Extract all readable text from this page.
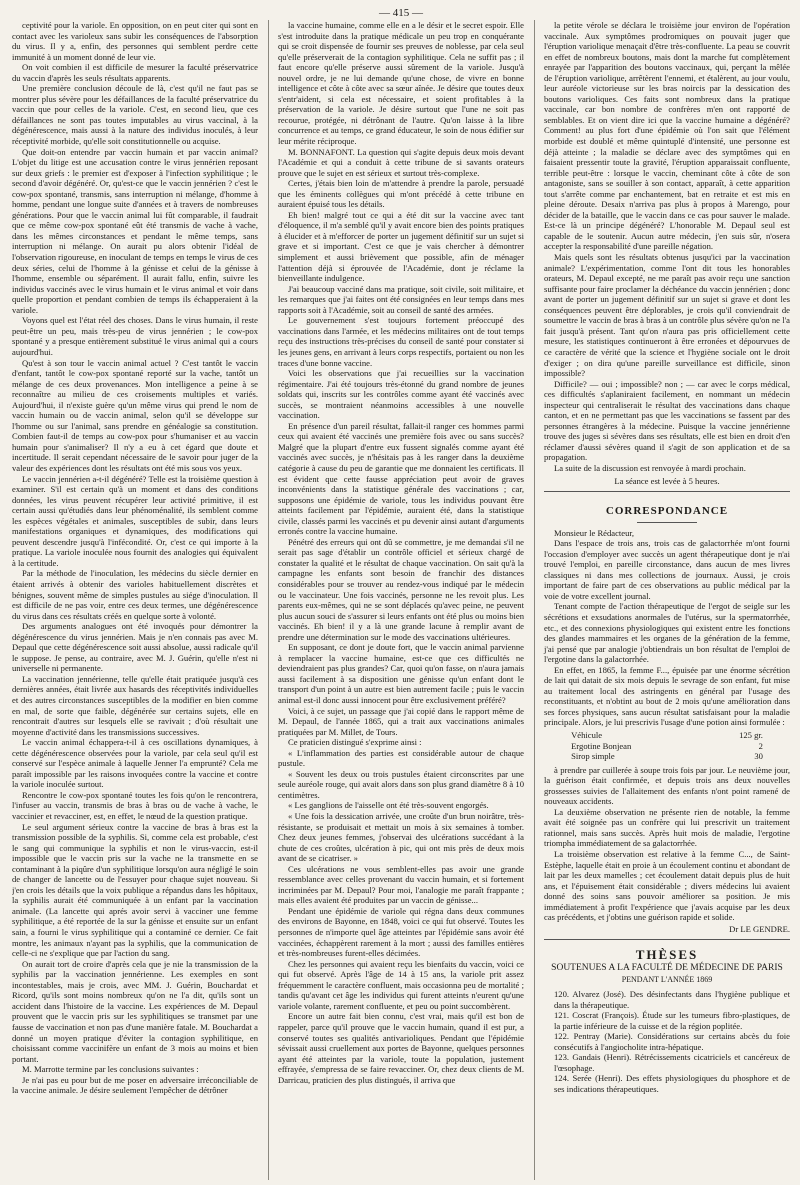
— 415 —

ceptivité pour la variole. En opposition, on en peut citer qui sont en contact avec les varioleux sans subir les conséquences de l'absorption du virus. Il y a, enfin, des personnes qui semblent perdre cette immunité à un moment donné de leur vie.

On voit combien il est difficile de mesurer la faculté préservatrice du vaccin d'après les seuls résultats apparents.

Une première conclusion découle de là, c'est qu'il ne faut pas se montrer plus sévère pour les défaillances de la faculté préservatrice du vaccin que pour celles de la variole. C'est, en second lieu, que ces défaillances ne sont pas toutes imputables au virus vaccinal, à la dégénérescence, mais aussi à la nature des individus inoculés, à leur réceptivité morbide, qu'elle soit constitutionnelle ou acquise.

Que doit-on entendre par vaccin humain et par vaccin animal? L'objet du litige est une accusation contre le virus jennérien reposant sur deux griefs : le premier est d'exposer à l'infection syphilitique ; le second d'avoir dégénéré. Or, qu'est-ce que le vaccin jennérien ? c'est le cow-pox spontané, transmis, sans interruption ni mélange, d'homme à homme, pendant une longue suite d'années et à travers de nombreuses générations. Pour que le vaccin animal lui fût comparable, il faudrait que ce même cow-pox spontané eût été transmis de vache à vache, dans les mêmes circonstances et pendant le même temps, sans interruption ni mélange. On aurait pu alors obtenir l'idéal de l'observation rigoureuse, en inoculant de temps en temps le virus de ces deux séries, celui de l'homme à la génisse et celui de la génisse à l'homme, ensemble ou séparément. Il aurait fallu, enfin, suivre les individus vaccinés avec le virus humain et le virus animal et voir dans quelle proportion et pendant combien de temps ils échapperaient à la variole.

Voyons quel est l'état réel des choses. Dans le virus humain, il reste peut-être un peu, mais très-peu de virus jennérien ; le cow-pox spontané y a presque entièrement substitué le virus animal qui a cours aujourd'hui.

Qu'est à son tour le vaccin animal actuel ? C'est tantôt le vaccin d'enfant, tantôt le cow-pox spontané reporté sur la vache, tantôt un mélange de ces deux provenances. Mon intelligence a peine à se reconnaître au milieu de ces croisements multiples et variés. Aujourd'hui, il n'existe guère qu'un même virus qui prend le nom de vaccin humain ou de vaccin animal, selon qu'il se développe sur l'homme ou sur l'animal, sans prendre en généalogie sa constitution. Combien faut-il de temps au cow-pox pour s'humaniser et au vaccin humain pour s'animaliser? Il n'y a eu à cet égard que doute et incertitude. Il serait cependant nécessaire de le savoir pour juger de la valeur des expériences dont les résultats ont été mis sous vos yeux.

Le vaccin jennérien a-t-il dégénéré? Telle est la troisième question à examiner. S'il est certain qu'à un moment et dans des conditions données, les virus peuvent récupérer leur activité primitive, il est certain aussi qu'étudiés dans leur phénoménalité, ils semblent comme les espèces végétales et animales, susceptibles de subir, dans leurs manifestations organiques et dynamiques, des modifications qui peuvent descendre jusqu'à l'infécondité. Or, c'est ce qui importe à la pratique. La variole inoculée nous fournit des analogies qui équivalent à la certitude.

Par la méthode de l'inoculation, les médecins du siècle dernier en étaient arrivés à obtenir des varioles habituellement discrètes et bénignes, souvent même de simples pustules au siége d'inoculation. Il est difficile de ne pas voir, entre ces deux termes, une dégénérescence du virus dans ces résultats créés en quelque sorte à volonté.

Des arguments analogues ont été invoqués pour démontrer la dégénérescence du virus jennérien. Mais je n'en connais pas avec M. Depaul que cette dégénérescence soit aussi absolue, aussi radicale qu'il le suppose. Je pense, au contraire, avec M. J. Guérin, qu'elle n'est ni universelle ni permanente.

La vaccination jennérienne, telle qu'elle était pratiquée jusqu'à ces dernières années, était livrée aux hasards des réceptivités individuelles et des autres circonstances susceptibles de la modifier en bien comme en mal, de sorte que faible, dégénérée sur certains sujets, elle en rencontrait d'autres sur lesquels elle se ravivait ; d'où résultait une moyenne d'activité dans les transmissions successives.

Le vaccin animal échappera-t-il à ces oscillations dynamiques, à cette dégénérescence observées pour la variole, par cela seul qu'il est conservé sur l'espèce animale à laquelle Jenner l'a emprunté? Cela me paraît impossible par les raisons invoquées contre la vaccine et contre la variole inoculée surtout.

Rencontre le cow-pox spontané toutes les fois qu'on le rencontrera, l'infuser au vaccin, transmis de bras à bras ou de vache à vache, le vaccinier et revacciner, est, en effet, le nœud de la question pratique.

Le seul argument sérieux contre la vaccine de bras à bras est la transmission possible de la syphilis. Si, comme cela est probable, c'est le sang qui communique la syphilis et non le virus-vaccin, est-il impossible que le vaccin pris sur la vache ne la transmette en se contaminant à la piqûre d'un syphilitique lorsqu'on aura négligé le soin de changer de lancette ou de l'essuyer pour chaque sujet nouveau. Si j'en crois les détails que la voix publique a répandus dans les hôpitaux, la syphilis aurait été communiquée à un enfant par la vaccination animale. (La lancette qui aprés avoir servi à vacciner une femme syphilitique, a été reportée de la sur la génisse et ensuite sur un enfant sain, a fourni le virus syphilitique qui a contaminé ce dernier. Ce fait montre, les animaux n'ayant pas la syphilis, que la communication de celle-ci ne s'explique que par l'action du sang.

On aurait tort de croire d'après cela que je nie la transmission de la syphilis par la vaccination jennérienne. Les exemples en sont incontestables, mais je crois, avec MM. J. Guérin, Bouchardat et Ricord, qu'ils sont moins nombreux qu'on ne l'a dit, qu'ils sont un accident dans l'histoire de la vaccine. Les expériences de M. Depaul prouvent que le vaccin pris sur les syphilitiques se transmet par une fausse de vaccination et non pas d'une manière fatale. M. Bouchardat a donné un moyen pratique d'éviter la contagion syphilitique, en choisissant comme vaccinifère un enfant de 3 mois au moins et bien portant.

M. Marrotte termine par les conclusions suivantes :

Je n'ai pas eu pour but de me poser en adversaire irréconciliable de la vaccine animale. Je désire seulement l'empêcher de détrôner

la vaccine humaine, comme elle en a le désir et le secret espoir. Elle s'est introduite dans la pratique médicale un peu trop en conquérante qui se croit dispensée de fournir ses preuves de noblesse, par cela seul qu'elle préserverait de la contagion syphilitique. Cela ne suffit pas ; il faut encore qu'elle préserve aussi sûrement de la variole. Jusqu'à nouvel ordre, je ne lui demande qu'une chose, de vivre en bonne intelligence et côte à côte avec sa sœur aînée. Je désire que toutes deux s'entr'aident, si cela est nécessaire, et soient profitables à la préservation de la variole. Je désire surtout que l'une ne soit pas recourue, protégée, ni détrônant de l'autre. Qu'on laisse à la libre concurrence et au temps, ce grand éducateur, le soin de nous édifier sur leur mérite réciproque.

M. BONNAFONT. La question qui s'agite depuis deux mois devant l'Académie et qui a conduit à cette tribune de si savants orateurs prouve que le sujet en est sérieux et surtout très-complexe.

Certes, j'étais bien loin de m'attendre à prendre la parole, persuadé que les éminents collègues qui m'ont précédé à cette tribune en auraient épuisé tous les détails.

Eh bien! malgré tout ce qui a été dit sur la vaccine avec tant d'éloquence, il m'a semblé qu'il y avait encore bien des points pratiques à élucider et à m'efforcer de porter un jugement définitif sur un sujet si grave et si important. C'est ce que je vais chercher à démontrer simplement et aussi brièvement que possible, afin de ménager l'attention déjà si éprouvée de l'Académie, dont je réclame la bienveillante indulgence.

J'ai beaucoup vacciné dans ma pratique, soit civile, soit militaire, et les remarques que j'ai faites ont été consignées en leur temps dans mes rapports soit à l'Académie, soit au conseil de santé des armées.

Le gouvernement s'est toujours fortement préoccupé des vaccinations dans l'armée, et les médecins militaires ont de tout temps reçu des instructions très-précises du conseil de santé pour constater si les jeunes gens, en arrivant à leurs corps respectifs, portaient ou non les traces d'une bonne vaccine.

Voici les observations que j'ai recueillies sur la vaccination régimentaire. J'ai été toujours très-étonné du grand nombre de jeunes soldats qui, inscrits sur les contrôles comme ayant été vaccinés avec succès, se montraient néanmoins accessibles à une nouvelle vaccination.

En présence d'un pareil résultat, fallait-il ranger ces hommes parmi ceux qui avaient été vaccinés une première fois avec ou sans succès? Malgré que la plupart d'entre eux fussent signalés comme ayant été vaccinés avec succès, je n'hésitais pas à les ranger dans la deuxième catégorie à cause du peu de garantie que me donnaient les certificats. Il est évident que cette fausse appréciation peut avoir de graves inconvénients dans la statistique générale des vaccinations ; car, supposons une épidémie de variole, tous les individus pouvant être atteints facilement par l'épidémie, auraient été, dans la statistique civile, classés parmi les vaccinés et pu devenir ainsi autant d'arguments erronés contre la vaccine humaine.

Pénétré des erreurs qui ont dû se commettre, je me demandai s'il ne serait pas sage d'établir un contrôle officiel et sérieux chargé de constater la qualité et le résultat de chaque vaccination. On sait qu'à la campagne les enfants sont besoin de franchir des distances considérables pour se trouver au rendez-vous indiqué par le médecin ou le vaccinateur. Une fois vaccinés, personne ne les revoit plus. Les parents eux-mêmes, qui ne se sont déplacés qu'avec peine, ne peuvent plus aucun souci de s'assurer si leurs enfants ont été plus ou moins bien vaccinés. Eh bien! il y a là une grande lacune à remplir avant de prendre une détermination sur le mode des vaccinations ultérieures.

En supposant, ce dont je doute fort, que le vaccin animal parvienne à remplacer la vaccine humaine, est-ce que ces difficultés ne deviendraient pas plus grandes? Car, quoi qu'on fasse, on n'aura jamais aussi facilement à sa disposition une génisse qu'un enfant dont le transport d'un point à un autre est bien autrement facile ; puis le vaccin animal est-il donc aussi innocent pour être exclusivement préféré?

Voici, à ce sujet, un passage que j'ai copié dans le rapport même de M. Depaul, de l'année 1865, qui a trait aux vaccinations animales pratiquées par M. Millet, de Tours.

Ce praticien distingué s'exprime ainsi :

« L'inflammation des parties est considérable autour de chaque pustule.

« Souvent les deux ou trois pustules étaient circonscrites par une seule auréole rouge, qui avait alors dans son plus grand diamètre 8 à 10 centimètres.

« Les ganglions de l'aisselle ont été très-souvent engorgés.

« Une fois la dessication arrivée, une croûte d'un brun noirâtre, très-résistante, se produisait et mettait un mois à six semaines à tomber. Chez deux jeunes femmes, j'observai des ulcérations succédant à la chute de ces croûtes, ulcération à pic, qui ont mis près de deux mois avant de se cicatriser. »

Ces ulcérations ne vous semblent-elles pas avoir une grande ressemblance avec celles provenant du vaccin humain, et si fortement incriminées par M. Depaul? Pour moi, l'analogie me paraît frappante ; mais elles avaient été produites par un vaccin de génisse...

Pendant une épidémie de variole qui régna dans deux communes des environs de Bayonne, en 1848, voici ce qui fut observé. Toutes les personnes de n'importe quel âge atteintes par l'épidémie sans avoir été vaccinées, échappèrent rarement à la mort ; aussi des familles entières et très-nombreuses furent-elles décimées.

Chez les personnes qui avaient reçu les bienfaits du vaccin, voici ce qui fut observé. Après l'âge de 14 à 15 ans, la variole prit assez fréquemment le caractère confluent, mais occasionna peu de mortalité ; tandis qu'avant cet âge les individus qui furent atteints n'eurent qu'une variole volante, rarement confluente, et peu ou point succombèrent.

Encore un autre fait bien connu, c'est vrai, mais qu'il est bon de rappeler, parce qu'il prouve que le vaccin humain, quand il est pur, a conservé toutes ses qualités antivarioliques. Pendant que l'épidémie sévissait aussi cruellement aux portes de Bayonne, quelques personnes ayant été atteintes par la variole, toute la population, justement effrayée, s'empressa de se faire revacciner. Or, chez deux clients de M. Darricau, praticien des plus distingués, il arriva que

la petite vérole se déclara le troisième jour environ de l'opération vaccinale. Aux symptômes prodromiques on pouvait juger que l'éruption variolique menaçait d'être très-confluente. La peau se couvrit en effet de nombreux boutons, mais dont la marche fut complètement enrayée par l'apparition des boutons vaccinaux, qui, perçant la mêlée de l'éruption variolique, arrêtèrent l'ennemi, et étalèrent, au jour voulu, leur auréole victorieuse sur les bras noircis par la dessication des boutons varioliques. Ces faits sont nombreux dans la pratique vaccinale, car bon nombre de confrères m'en ont rapporté de semblables. Et on vient dire ici que la vaccine humaine a dégénéré? Comment! au plus fort d'une épidémie où l'on sait que l'élément morbide est doublé et même quintuplé d'intensité, une personne est déjà atteinte ; la maladie se déclare avec des symptômes qui en faisaient pressentir toute la gravité, l'éruption apparaissait confluente, terrible peut-être : lorsque le vaccin, cheminant côte à côte de son antagoniste, sans se souiller à son contact, apparaît, à cette apparition tout s'arrête comme par enchantement, bat en retraite et est mis en pleine déroute. Desaix n'arriva pas plus à propos à Marengo, pour décider de la bataille, que le vaccin dans ce cas pour sauver le malade. Est-ce là un principe dégénéré? L'honorable M. Depaul seul est capable de le soutenir. Aucun autre médecin, j'en suis sûr, n'osera accepter la responsabilité d'une pareille négation.

Mais quels sont les résultats obtenus jusqu'ici par la vaccination animale? L'expérimentation, comme l'ont dit tous les honorables orateurs, M. Depaul excepté, ne me paraît pas avoir reçu une sanction suffisante pour faire proclamer la déchéance du vaccin jennérien ; donc avant de porter un jugement définitif sur un sujet si grave et dont les conséquences peuvent être déplorables, je crois qu'il conviendrait de soumettre le vaccin de bras à bras à un contrôle plus sévère qu'on ne l'a fait jusqu'à présent. Tant qu'on n'aura pas pris officiellement cette mesure, les statistiques continueront à être erronées et dépourvues de ce caractère de vérité que la science et l'hygiène sociale ont le droit d'exiger ; on dira qu'une pareille surveillance est difficile, sinon impossible?

Difficile? — oui ; impossible? non ; — car avec le corps médical, ces difficultés s'aplaniraient facilement, en nommant un médecin inspecteur qui centraliserait le résultat des vaccinations dans chaque canton, et en ne permettant pas que les vaccinations se fassent par des personnes étrangères à la médecine. Puisque la vaccine jennérienne trouve des juges si sévères dans ses résultats, elle est bien en droit d'en réclamer d'aussi sévères quand il s'agit de son application et de sa propagation.

La suite de la discussion est renvoyée à mardi prochain.

La séance est levée à 5 heures.

CORRESPONDANCE

Monsieur le Rédacteur,

Dans l'espace de trois ans, trois cas de galactorrhée m'ont fourni l'occasion d'employer avec succès un agent thérapeutique dont je n'ai trouvé l'emploi, en pareille circonstance, dans aucun de mes livres classiques ni dans mes collections de journaux. Aussi, je crois important de faire part de ces observations au public médical par la voie de votre excellent journal.

Tenant compte de l'action thérapeutique de l'ergot de seigle sur les sécrétions et exsudations anormales de l'utérus, sur la spermatorrhée, etc., et des connexions physiologiques qui existent entre les fonctions des glandes mammaires et les organes de la génération de la femme, j'ai pensé que par analogie j'obtiendrais un bon résultat de l'emploi de l'ergotine dans la galactorrhée.

En effet, en 1865, la femme F..., épuisée par une énorme sécrétion de lait qui datait de six mois depuis le sevrage de son enfant, fut mise au traitement local des astringents en général par l'usage des reconstituants, et n'obtint au bout de 2 mois qu'une amélioration dans ses forces physiques, sans aucun résultat satisfaisant pour la maladie principale. Alors, je lui prescrivis l'usage d'une potion ainsi formulée :

Véhicule	125 gr.
Ergotine Bonjean	2
Sirop simple	30

à prendre par cuillerée à soupe trois fois par jour. Le neuvième jour, la guérison était confirmée, et depuis trois ans deux nouvelles grossesses suivies de l'allaitement des enfants n'ont point ramené de nouveaux accidents.

La deuxième observation ne présente rien de notable, la femme avait été soignée pas un confrère qui lui prescrivit un traitement rationnel, mais sans succès. Après huit mois de maladie, l'ergotine triompha immédiatement de sa galactorrhée.

La troisième observation est relative à la femme C..., de Saint-Estèphe, laquelle était en proie à un écoulement continu et abondant de lait par les deux mamelles ; cet écoulement datait depuis plus de huit ans, et l'épuisement était considérable ; divers médecins lui avaient donné des soins sans pouvoir améliorer sa position. Je mis immédiatement à profit l'expérience que j'avais acquise par les deux cas précédents, et j'obtins une guérison rapide et solide.

Dr LE GENDRE.

THÈSES
SOUTENUES A LA FACULTÉ DE MÉDECINE DE PARIS
PENDANT L'ANNÉE 1869

120. Alvarez (José). Des désinfectants dans l'hygiène publique et dans la thérapeutique.

121. Coscrat (François). Étude sur les tumeurs fibro-plastiques, de la partie inférieure de la cuisse et de la région poplitée.

122. Pentray (Marie). Considérations sur certains abcès du foie consécutifs à l'angiocholite intra-hépatique.

123. Gandais (Henri). Rétrécissements cicatriciels et cancéreux de l'œsophage.

124. Serée (Henri). Des effets physiologiques du phosphore et de ses indications thérapeutiques.
